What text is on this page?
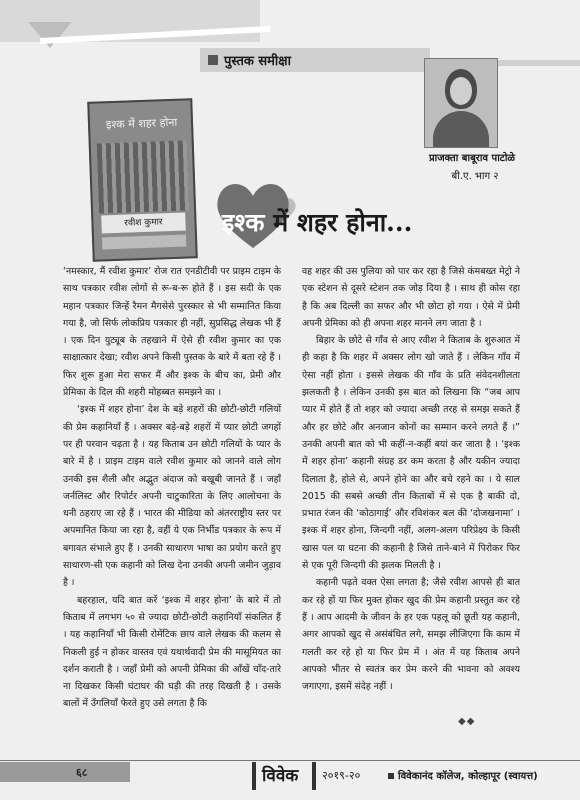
पुस्तक समीक्षा
इश्क में शहर होना
रवीश कुमार
प्राजक्ता बाबूराव पाटोळे
बी.ए. भाग २
इश्क में शहर होना...

‘नमस्कार, मैं रवीश कुमार’ रोज रात एनडीटीवी पर प्राइम टाइम के साथ पत्रकार रवीश लोगों से रू-ब-रू होते हैं । इस सदी के एक महान पत्रकार जिन्हें रैमन मैगसेसे पुरस्कार से भी सम्मानित किया गया है, जो सिर्फ लोकप्रिय पत्रकार ही नहीं, सुप्रसिद्ध लेखक भी हैं । एक दिन युट्यूब के तहखाने में ऐसे ही रवीश कुमार का एक साक्षात्कार देखा; रवीश अपने किसी पुस्तक के बारे में बता रहे हैं । फिर शुरू हुआ मेरा सफर मैं और इश्क के बीच का, प्रेमी और प्रेमिका के दिल की शहरी मोहब्बत समझने का ।

‘इश्क में शहर होना’ देश के बड़े शहरों की छोटी-छोटी गलियों की प्रेम कहानियाँ हैं । अक्सर बड़े-बड़े शहरों में प्यार छोटी जगहों पर ही परवान चढ़ता है । यह किताब उन छोटी गलियों के प्यार के बारे में है । प्राइम टाइम वाले रवीश कुमार को जानने वाले लोग उनकी इस शैली और अद्भुत अंदाज को बखूबी जानते हैं । जहाँ जर्नलिस्ट और रिपोर्टर अपनी चाटुकारिता के लिए आलोचना के धनी ठहराए जा रहे हैं । भारत की मीडिया को अंतरराष्ट्रीय स्तर पर अपमानित किया जा रहा है, वहीं ये एक निर्भीड पत्रकार के रूप में बगावत संभाले हुए हैं । उनकी साधारण भाषा का प्रयोग करते हुए साधारण-सी एक कहानी को लिख देना उनकी अपनी जमीन जुड़ाव है ।

बहरहाल, यदि बात करें ‘इश्क में शहर होना’ के बारे में तो किताब में लगभग ५० से ज्यादा छोटी-छोटी कहानियाँ संकलित हैं । यह कहानियाँ भी किसी रोमेंटिक छाप वाले लेखक की कलम से निकली हुई न होकर वास्तव एवं यथार्थवादी प्रेम की मासूमियत का दर्शन कराती है । जहाँ प्रेमी को अपनी प्रेमिका की आँखें चाँद-तारे ना दिखकर किसी घंटाघर की घड़ी की तरह दिखती है । उसके बालों में उँगलियाँ फेरते हुए उसे लगता है कि

वह शहर की उस पुलिया को पार कर रहा है जिसे कंमबख्त मेट्रो ने एक स्टेशन से दूसरे स्टेशन तक जोड़ दिया है । साथ ही कोस रहा है कि अब दिल्ली का सफर और भी छोटा हो गया । ऐसे में प्रेमी अपनी प्रेमिका को ही अपना शहर मानने लग जाता है ।

बिहार के छोटे से गाँव से आए रवीश ने किताब के शुरुआत में ही कहा है कि शहर में अक्सर लोग खो जाते हैं । लेकिन गाँव में ऐसा नहीं होता । इससे लेखक की गाँव के प्रति संवेदनशीलता झलकती है । लेकिन उनकी इस बात को लिखना कि “जब आप प्यार में होते हैं तो शहर को ज्यादा अच्छी तरह से समझ सकते हैं और हर छोटे और अनजान कोनों का सम्मान करने लगते हैं ।” उनकी अपनी बात को भी कहीं-न-कहीं बयां कर जाता है । ‘इश्क में शहर होना’ कहानी संग्रह डर कम करता है और यकीन ज्यादा दिलाता है, होले से, अपने होने का और बचे रहने का । ये साल 2015 की सबसे अच्छी तीन किताबों में से एक है बाकी दो, प्रभात रंजन की ‘कोठागाई’ और रविशंकर बल की ‘दोजखनामा’ । इश्क में शहर होना, जिन्दगी नहीं, अलग-अलग परिप्रेक्ष्य के किसी खास पल या घटना की कहानी है जिसे ताने-बाने में पिरोकर फिर से एक पूरी जिन्दगी की झलक मिलती है ।

कहानी पढ़ते वक्त ऐसा लगता है; जैसे रवीश आपसे ही बात कर रहे हों या फिर मुक्त होकर खुद की प्रेम कहानी प्रस्तुत कर रहे हैं । आप आदमी के जीवन के हर एक पहलू को छूती यह कहानी, अगर आपको खुद से असंबंधित लगे, समझ लीजिएगा कि काम में गलती कर रहे हो या फिर प्रेम में । अंत में यह किताब अपने आपको भीतर से स्वतंत्र कर प्रेम करने की भावना को अवश्य जगाएगा, इसमें संदेह नहीं ।

◆◆
६८	विवेक २०१९-२०	विवेकानंद कॉलेज, कोल्हापूर (स्वायत्त)
